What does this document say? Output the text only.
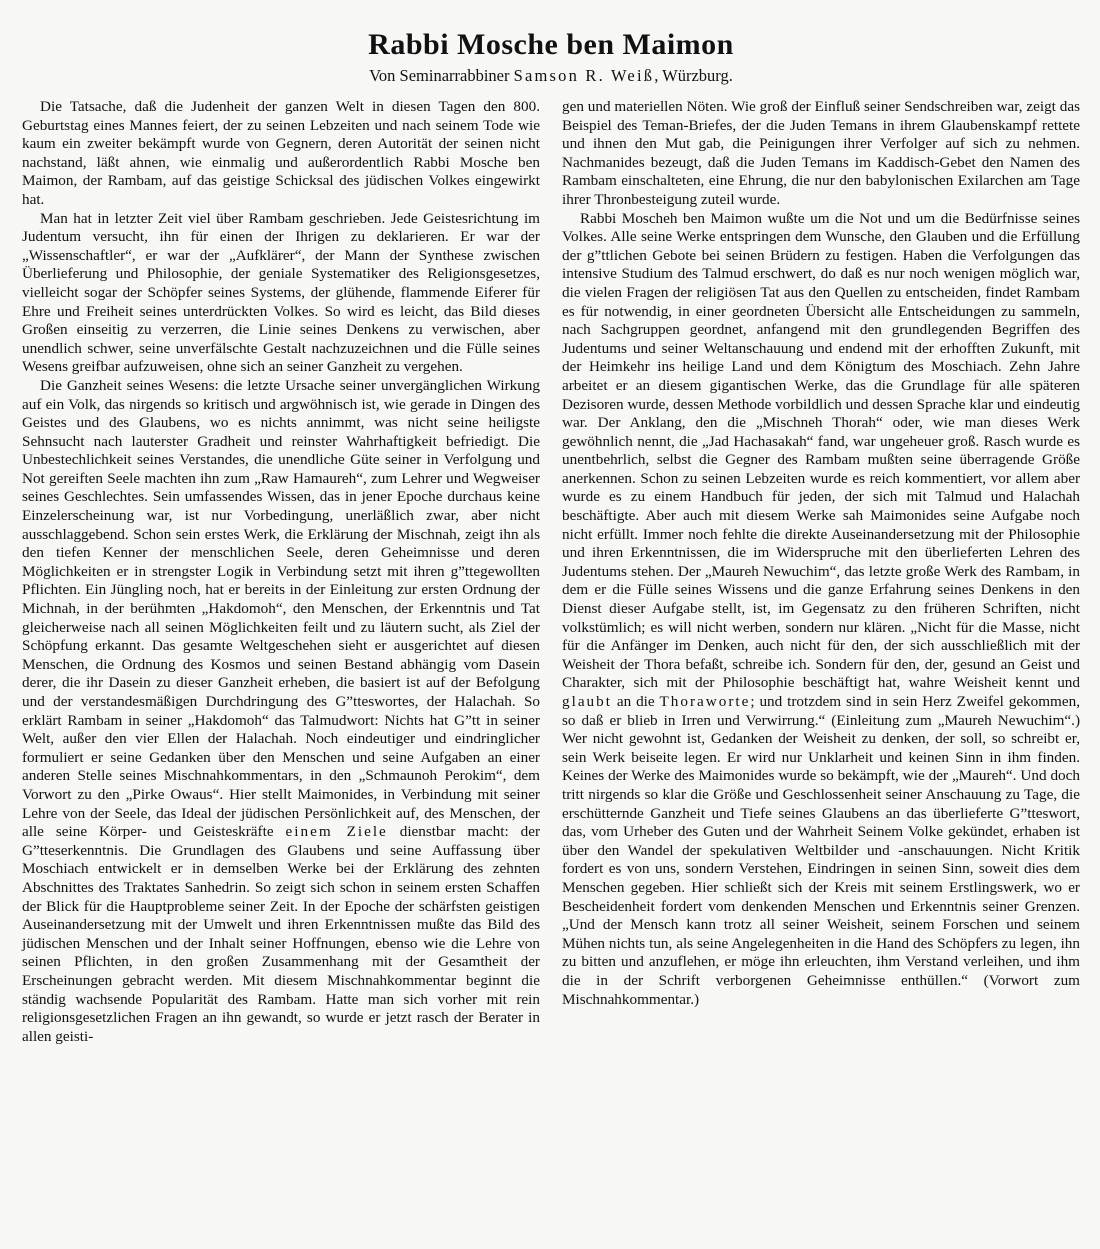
Rabbi Mosche ben Maimon
Von Seminarrabbiner Samson R. Weiß, Würzburg.

Die Tatsache, daß die Judenheit der ganzen Welt in diesen Tagen den 800. Geburtstag eines Mannes feiert, der zu seinen Lebzeiten und nach seinem Tode wie kaum ein zweiter bekämpft wurde von Gegnern, deren Autorität der seinen nicht nachstand, läßt ahnen, wie einmalig und außerordentlich Rabbi Mosche ben Maimon, der Rambam, auf das geistige Schicksal des jüdischen Volkes eingewirkt hat.

Man hat in letzter Zeit viel über Rambam geschrieben. Jede Geistesrichtung im Judentum versucht, ihn für einen der Ihrigen zu deklarieren. Er war der „Wissenschaftler“, er war der „Aufklärer“, der Mann der Synthese zwischen Überlieferung und Philosophie, der geniale Systematiker des Religionsgesetzes, vielleicht sogar der Schöpfer seines Systems, der glühende, flammende Eiferer für Ehre und Freiheit seines unterdrückten Volkes. So wird es leicht, das Bild dieses Großen einseitig zu verzerren, die Linie seines Denkens zu verwischen, aber unendlich schwer, seine unverfälschte Gestalt nachzuzeichnen und die Fülle seines Wesens greifbar aufzuweisen, ohne sich an seiner Ganzheit zu vergehen.

Die Ganzheit seines Wesens: die letzte Ursache seiner unvergänglichen Wirkung auf ein Volk, das nirgends so kritisch und argwöhnisch ist, wie gerade in Dingen des Geistes und des Glaubens, wo es nichts annimmt, was nicht seine heiligste Sehnsucht nach lauterster Gradheit und reinster Wahrhaftigkeit befriedigt. Die Unbestechlichkeit seines Verstandes, die unendliche Güte seiner in Verfolgung und Not gereiften Seele machten ihn zum „Raw Hamaureh“, zum Lehrer und Wegweiser seines Geschlechtes. Sein umfassendes Wissen, das in jener Epoche durchaus keine Einzelerscheinung war, ist nur Vorbedingung, unerläßlich zwar, aber nicht ausschlaggebend. Schon sein erstes Werk, die Erklärung der Mischnah, zeigt ihn als den tiefen Kenner der menschlichen Seele, deren Geheimnisse und deren Möglichkeiten er in strengster Logik in Verbindung setzt mit ihren g”ttegewollten Pflichten. Ein Jüngling noch, hat er bereits in der Einleitung zur ersten Ordnung der Michnah, in der berühmten „Hakdomoh“, den Menschen, der Erkenntnis und Tat gleicherweise nach all seinen Möglichkeiten feilt und zu läutern sucht, als Ziel der Schöpfung erkannt. Das gesamte Weltgeschehen sieht er ausgerichtet auf diesen Menschen, die Ordnung des Kosmos und seinen Bestand abhängig vom Dasein derer, die ihr Dasein zu dieser Ganzheit erheben, die basiert ist auf der Befolgung und der verstandesmäßigen Durchdringung des G”tteswortes, der Halachah. So erklärt Rambam in seiner „Hakdomoh“ das Talmudwort: Nichts hat G”tt in seiner Welt, außer den vier Ellen der Halachah. Noch eindeutiger und eindringlicher formuliert er seine Gedanken über den Menschen und seine Aufgaben an einer anderen Stelle seines Mischnahkommentars, in den „Schmaunoh Perokim“, dem Vorwort zu den „Pirke Owaus“. Hier stellt Maimonides, in Verbindung mit seiner Lehre von der Seele, das Ideal der jüdischen Persönlichkeit auf, des Menschen, der alle seine Körper- und Geisteskräfte einem Ziele dienstbar macht: der G”tteserkenntnis. Die Grundlagen des Glaubens und seine Auffassung über Moschiach entwickelt er in demselben Werke bei der Erklärung des zehnten Abschnittes des Traktates Sanhedrin. So zeigt sich schon in seinem ersten Schaffen der Blick für die Hauptprobleme seiner Zeit. In der Epoche der schärfsten geistigen Auseinandersetzung mit der Umwelt und ihren Erkenntnissen mußte das Bild des jüdischen Menschen und der Inhalt seiner Hoffnungen, ebenso wie die Lehre von seinen Pflichten, in den großen Zusammenhang mit der Gesamtheit der Erscheinungen gebracht werden. Mit diesem Mischnahkommentar beginnt die ständig wachsende Popularität des Rambam. Hatte man sich vorher mit rein religionsgesetzlichen Fragen an ihn gewandt, so wurde er jetzt rasch der Berater in allen geisti-

gen und materiellen Nöten. Wie groß der Einfluß seiner Sendschreiben war, zeigt das Beispiel des Teman-Briefes, der die Juden Temans in ihrem Glaubenskampf rettete und ihnen den Mut gab, die Peinigungen ihrer Verfolger auf sich zu nehmen. Nachmanides bezeugt, daß die Juden Temans im Kaddisch-Gebet den Namen des Rambam einschalteten, eine Ehrung, die nur den babylonischen Exilarchen am Tage ihrer Thronbesteigung zuteil wurde.

Rabbi Moscheh ben Maimon wußte um die Not und um die Bedürfnisse seines Volkes. Alle seine Werke entspringen dem Wunsche, den Glauben und die Erfüllung der g”ttlichen Gebote bei seinen Brüdern zu festigen. Haben die Verfolgungen das intensive Studium des Talmud erschwert, do daß es nur noch wenigen möglich war, die vielen Fragen der religiösen Tat aus den Quellen zu entscheiden, findet Rambam es für notwendig, in einer geordneten Übersicht alle Entscheidungen zu sammeln, nach Sachgruppen geordnet, anfangend mit den grundlegenden Begriffen des Judentums und seiner Weltanschauung und endend mit der erhofften Zukunft, mit der Heimkehr ins heilige Land und dem Königtum des Moschiach. Zehn Jahre arbeitet er an diesem gigantischen Werke, das die Grundlage für alle späteren Dezisoren wurde, dessen Methode vorbildlich und dessen Sprache klar und eindeutig war. Der Anklang, den die „Mischneh Thorah“ oder, wie man dieses Werk gewöhnlich nennt, die „Jad Hachasakah“ fand, war ungeheuer groß. Rasch wurde es unentbehrlich, selbst die Gegner des Rambam mußten seine überragende Größe anerkennen. Schon zu seinen Lebzeiten wurde es reich kommentiert, vor allem aber wurde es zu einem Handbuch für jeden, der sich mit Talmud und Halachah beschäftigte. Aber auch mit diesem Werke sah Maimonides seine Aufgabe noch nicht erfüllt. Immer noch fehlte die direkte Auseinandersetzung mit der Philosophie und ihren Erkenntnissen, die im Widerspruche mit den überlieferten Lehren des Judentums stehen. Der „Maureh Newuchim“, das letzte große Werk des Rambam, in dem er die Fülle seines Wissens und die ganze Erfahrung seines Denkens in den Dienst dieser Aufgabe stellt, ist, im Gegensatz zu den früheren Schriften, nicht volkstümlich; es will nicht werben, sondern nur klären. „Nicht für die Masse, nicht für die Anfänger im Denken, auch nicht für den, der sich ausschließlich mit der Weisheit der Thora befaßt, schreibe ich. Sondern für den, der, gesund an Geist und Charakter, sich mit der Philosophie beschäftigt hat, wahre Weisheit kennt und glaubt an die Thoraworte; und trotzdem sind in sein Herz Zweifel gekommen, so daß er blieb in Irren und Verwirrung.“ (Einleitung zum „Maureh Newuchim“.) Wer nicht gewohnt ist, Gedanken der Weisheit zu denken, der soll, so schreibt er, sein Werk beiseite legen. Er wird nur Unklarheit und keinen Sinn in ihm finden. Keines der Werke des Maimonides wurde so bekämpft, wie der „Maureh“. Und doch tritt nirgends so klar die Größe und Geschlossenheit seiner Anschauung zu Tage, die erschütternde Ganzheit und Tiefe seines Glaubens an das überlieferte G”tteswort, das, vom Urheber des Guten und der Wahrheit Seinem Volke gekündet, erhaben ist über den Wandel der spekulativen Weltbilder und -anschauungen. Nicht Kritik fordert es von uns, sondern Verstehen, Eindringen in seinen Sinn, soweit dies dem Menschen gegeben. Hier schließt sich der Kreis mit seinem Erstlingswerk, wo er Bescheidenheit fordert vom denkenden Menschen und Erkenntnis seiner Grenzen. „Und der Mensch kann trotz all seiner Weisheit, seinem Forschen und seinem Mühen nichts tun, als seine Angelegenheiten in die Hand des Schöpfers zu legen, ihn zu bitten und anzuflehen, er möge ihn erleuchten, ihm Verstand verleihen, und ihm die in der Schrift verborgenen Geheimnisse enthüllen.“ (Vorwort zum Mischnahkommentar.)
